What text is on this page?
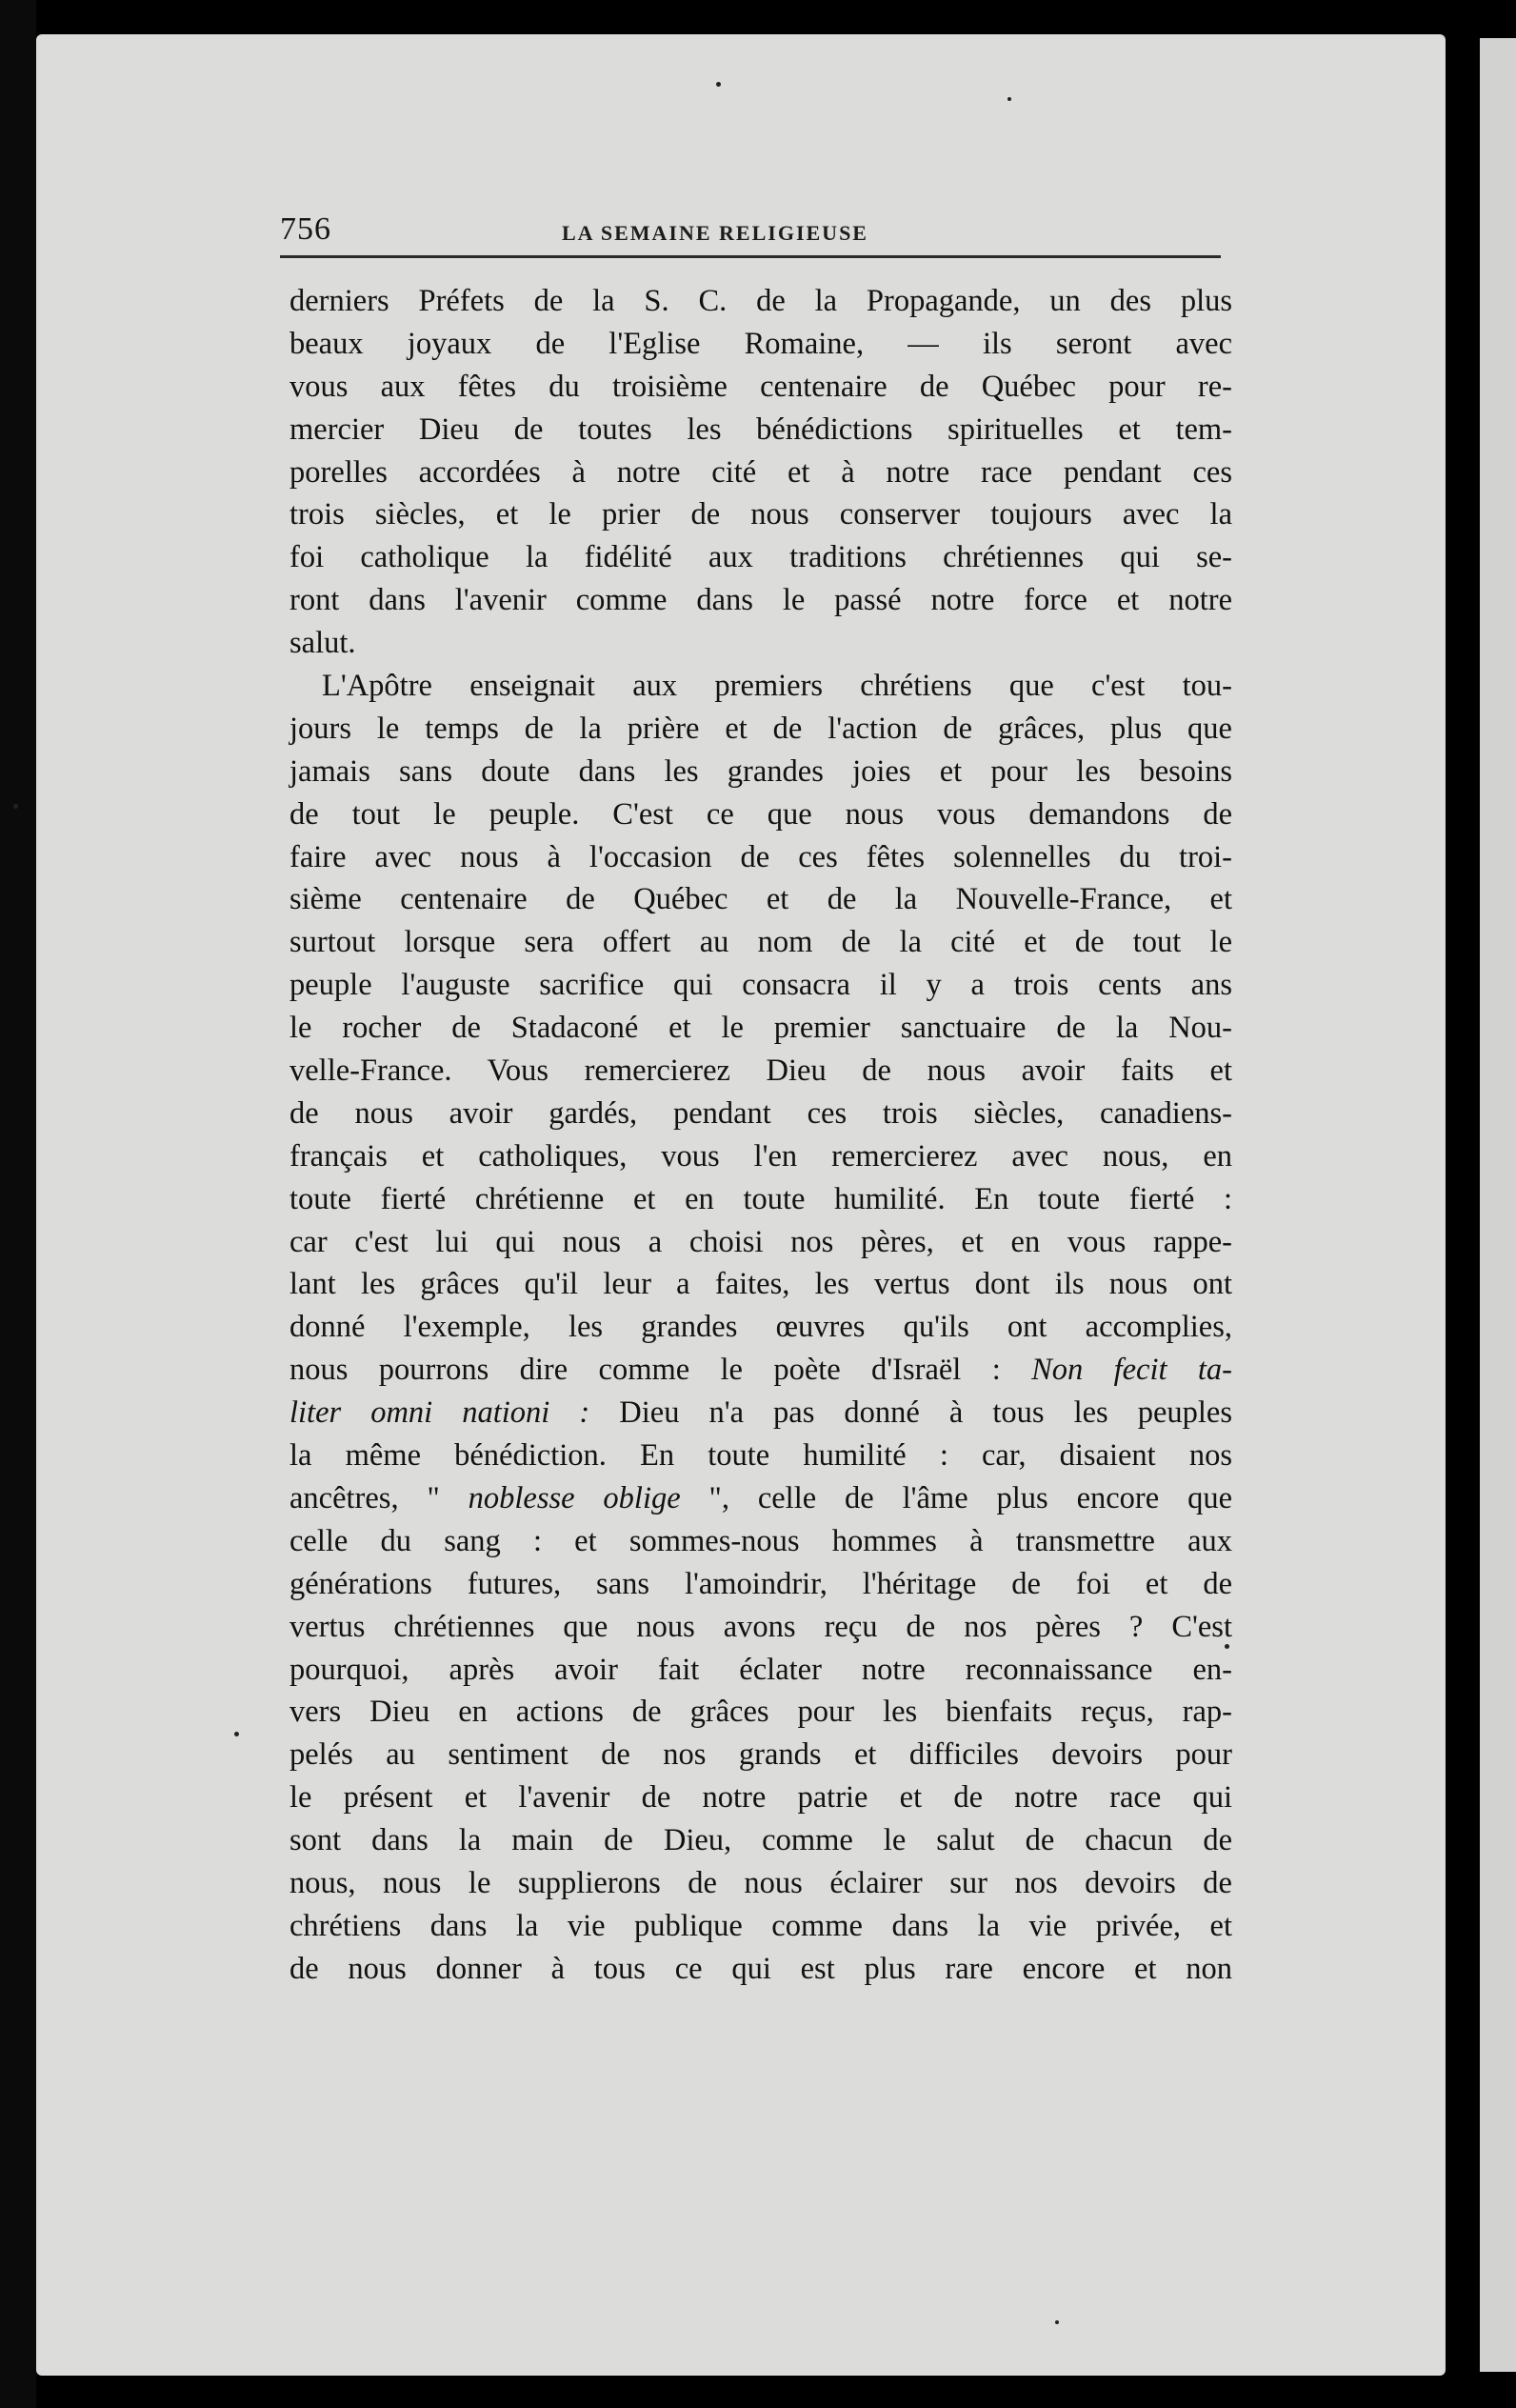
756	LA SEMAINE RELIGIEUSE
derniers Préfets de la S. C. de la Propagande, un des plus
beaux joyaux de l'Eglise Romaine, — ils seront avec
vous aux fêtes du troisième centenaire de Québec pour re-
mercier Dieu de toutes les bénédictions spirituelles et tem-
porelles accordées à notre cité et à notre race pendant ces
trois siècles, et le prier de nous conserver toujours avec la
foi catholique la fidélité aux traditions chrétiennes qui se-
ront dans l'avenir comme dans le passé notre force et notre
salut.
L'Apôtre enseignait aux premiers chrétiens que c'est tou-
jours le temps de la prière et de l'action de grâces, plus que
jamais sans doute dans les grandes joies et pour les besoins
de tout le peuple. C'est ce que nous vous demandons de
faire avec nous à l'occasion de ces fêtes solennelles du troi-
sième centenaire de Québec et de la Nouvelle-France, et
surtout lorsque sera offert au nom de la cité et de tout le
peuple l'auguste sacrifice qui consacra il y a trois cents ans
le rocher de Stadaconé et le premier sanctuaire de la Nou-
velle-France. Vous remercierez Dieu de nous avoir faits et
de nous avoir gardés, pendant ces trois siècles, canadiens-
français et catholiques, vous l'en remercierez avec nous, en
toute fierté chrétienne et en toute humilité. En toute fierté :
car c'est lui qui nous a choisi nos pères, et en vous rappe-
lant les grâces qu'il leur a faites, les vertus dont ils nous ont
donné l'exemple, les grandes œuvres qu'ils ont accomplies,
nous pourrons dire comme le poète d'Israël : Non fecit ta-
liter omni nationi : Dieu n'a pas donné à tous les peuples
la même bénédiction. En toute humilité : car, disaient nos
ancêtres, " noblesse oblige ", celle de l'âme plus encore que
celle du sang : et sommes-nous hommes à transmettre aux
générations futures, sans l'amoindrir, l'héritage de foi et de
vertus chrétiennes que nous avons reçu de nos pères ? C'est
pourquoi, après avoir fait éclater notre reconnaissance en-
vers Dieu en actions de grâces pour les bienfaits reçus, rap-
pelés au sentiment de nos grands et difficiles devoirs pour
le présent et l'avenir de notre patrie et de notre race qui
sont dans la main de Dieu, comme le salut de chacun de
nous, nous le supplierons de nous éclairer sur nos devoirs de
chrétiens dans la vie publique comme dans la vie privée, et
de nous donner à tous ce qui est plus rare encore et non
